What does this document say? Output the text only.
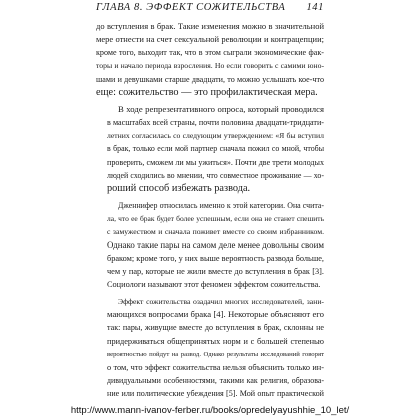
ГЛАВА 8. ЭФФЕКТ СОЖИТЕЛЬСТВА 141

до вступления в брак. Такие изменения можно в значительной
мере отнести на счет сексуальной революции и контрацепции;
кроме того, выходит так, что в этом сыграли экономические фак-
торы и начало периода взросления. Но если говорить с самими юно-
шами и девушками старше двадцати, то можно услышать кое-что
еще: сожительство — это профилактическая мера.

В ходе репрезентативного опроса, который проводился
в масштабах всей страны, почти половина двадцати-тридцати-
летних согласилась со следующим утверждением: «Я бы вступил
в брак, только если мой партнер сначала пожил со мной, чтобы
проверить, сможем ли мы ужиться». Почти две трети молодых
людей сходились во мнении, что совместное проживание — хо-
роший способ избежать развода.

Дженнифер относилась именно к этой категории. Она счита-
ла, что ее брак будет более успешным, если она не станет спешить
с замужеством и сначала поживет вместе со своим избранником.
Однако такие пары на самом деле менее довольны своим
браком; кроме того, у них выше вероятность развода больше,
чем у пар, которые не жили вместе до вступления в брак [3].
Социологи называют этот феномен эффектом сожительства.

Эффект сожительства озадачил многих исследователей, зани-
мающихся вопросами брака [4]. Некоторые объясняют его
так: пары, живущие вместе до вступления в брак, склонны не
придерживаться общепринятых норм и с большей степенью
вероятностью пойдут на развод. Однако результаты исследований говорят
о том, что эффект сожительства нельзя объяснить только ин-
дивидуальными особенностями, такими как религия, образова-
ние или политические убеждения [5]. Мой опыт практической

http://www.mann-ivanov-ferber.ru/books/opredelyayushhie_10_let/
